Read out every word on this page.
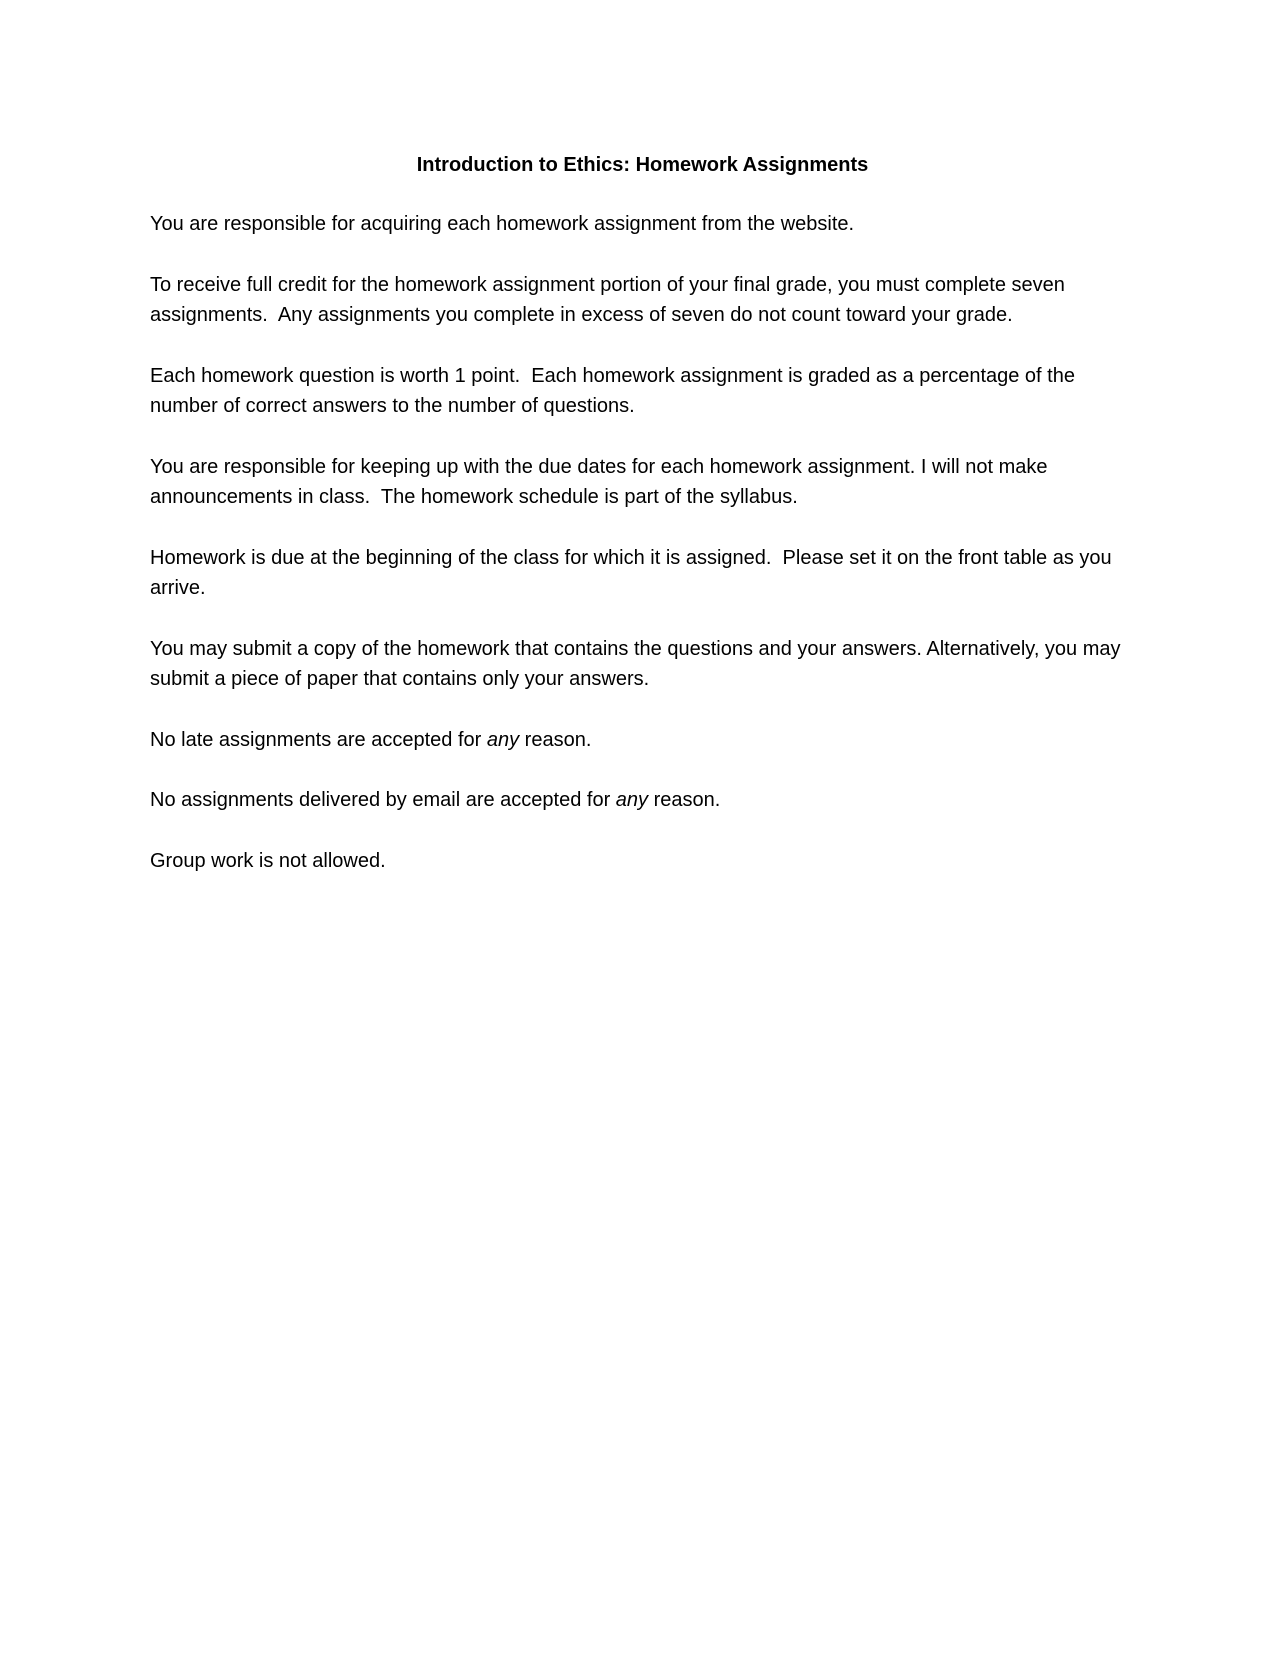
Introduction to Ethics: Homework Assignments

You are responsible for acquiring each homework assignment from the website.

To receive full credit for the homework assignment portion of your final grade, you must complete seven assignments.  Any assignments you complete in excess of seven do not count toward your grade.

Each homework question is worth 1 point.  Each homework assignment is graded as a percentage of the number of correct answers to the number of questions.

You are responsible for keeping up with the due dates for each homework assignment. I will not make announcements in class.  The homework schedule is part of the syllabus.

Homework is due at the beginning of the class for which it is assigned.  Please set it on the front table as you arrive.

You may submit a copy of the homework that contains the questions and your answers. Alternatively, you may submit a piece of paper that contains only your answers.

No late assignments are accepted for any reason.

No assignments delivered by email are accepted for any reason.

Group work is not allowed.
